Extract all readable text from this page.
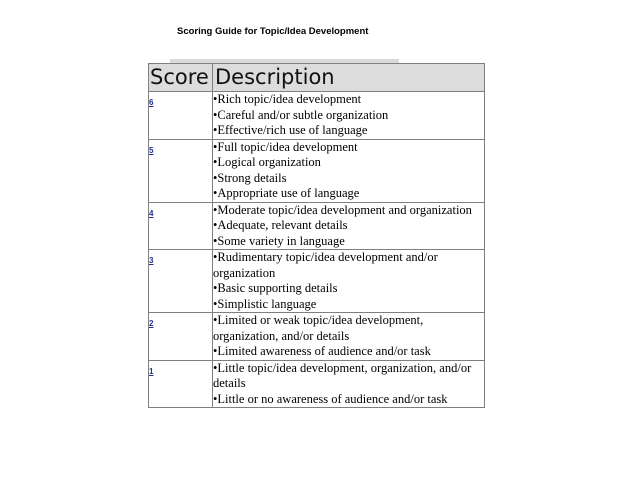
Scoring Guide for Topic/Idea Development
Score	Description
6	•Rich topic/idea development
•Careful and/or subtle organization
•Effective/rich use of language

5	•Full topic/idea development
•Logical organization
•Strong details
•Appropriate use of language

4	•Moderate topic/idea development and organization
•Adequate, relevant details
•Some variety in language

3	•Rudimentary topic/idea development and/or organization
•Basic supporting details
•Simplistic language

2	•Limited or weak topic/idea development, organization, and/or details
•Limited awareness of audience and/or task

1	•Little topic/idea development, organization, and/or details
•Little or no awareness of audience and/or task
